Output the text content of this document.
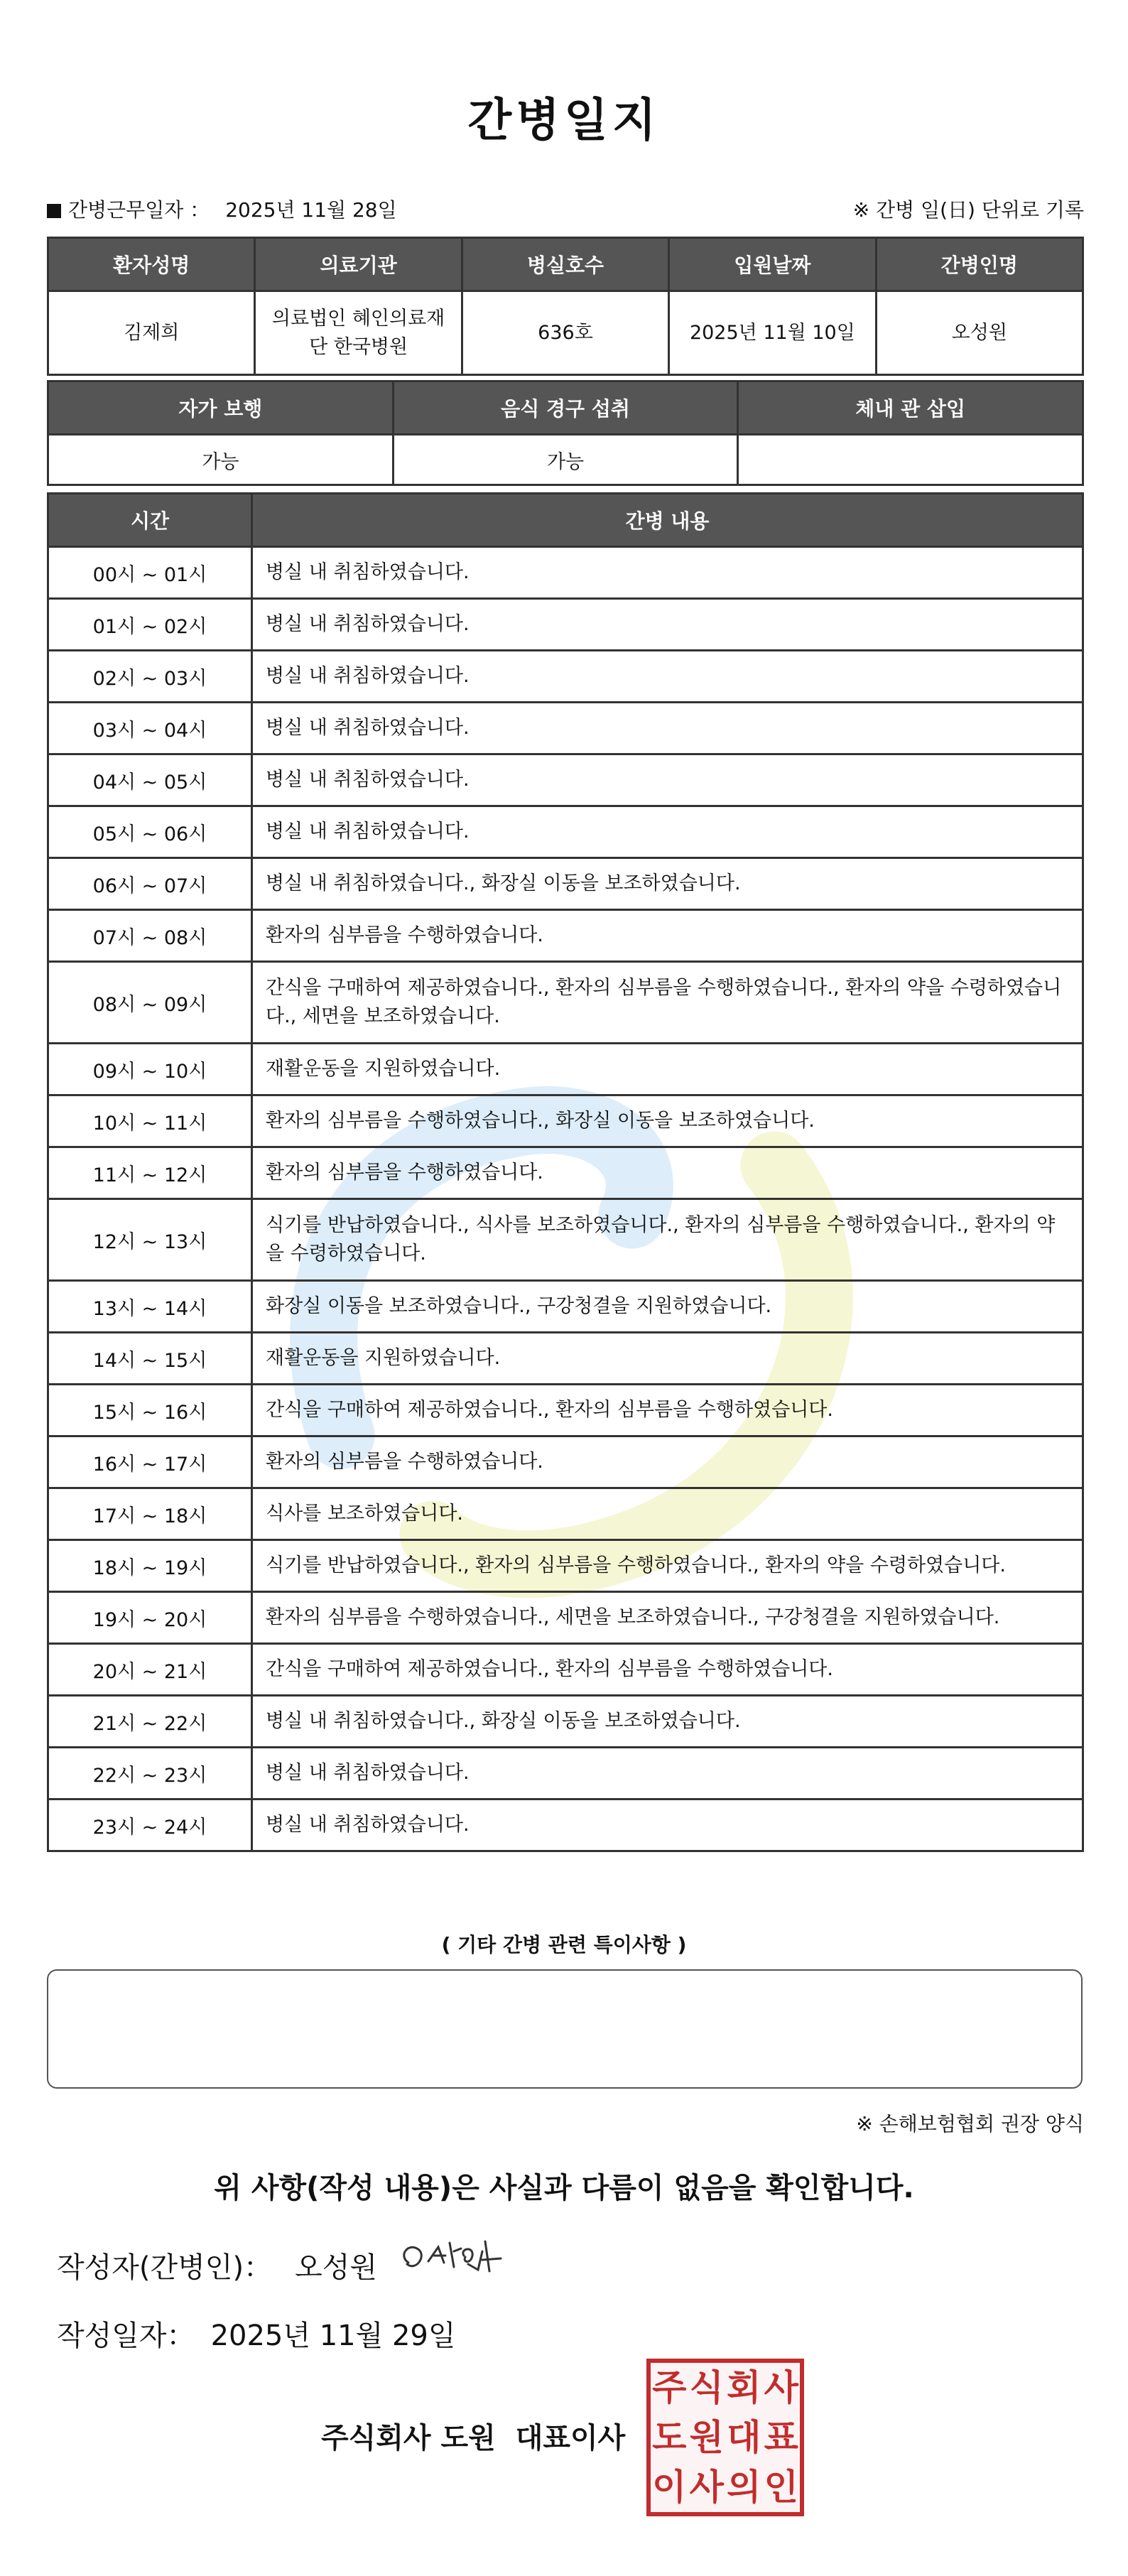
간병일지
간병근무일자 ： 2025년 11월 28일	※ 간병 일(日) 단위로 기록
환자성명	의료기관	병실호수	입원날짜	간병인명
김제희	의료법인 혜인의료재단 한국병원	636호	2025년 11월 10일	오성원
자가 보행	음식 경구 섭취	체내 관 삽입
가능	가능	
시간	간병 내용
00시 ~ 01시	병실 내 취침하였습니다.
01시 ~ 02시	병실 내 취침하였습니다.
02시 ~ 03시	병실 내 취침하였습니다.
03시 ~ 04시	병실 내 취침하였습니다.
04시 ~ 05시	병실 내 취침하였습니다.
05시 ~ 06시	병실 내 취침하였습니다.
06시 ~ 07시	병실 내 취침하였습니다., 화장실 이동을 보조하였습니다.
07시 ~ 08시	환자의 심부름을 수행하였습니다.
08시 ~ 09시	간식을 구매하여 제공하였습니다., 환자의 심부름을 수행하였습니다., 환자의 약을 수령하였습니다., 세면을 보조하였습니다.
09시 ~ 10시	재활운동을 지원하였습니다.
10시 ~ 11시	환자의 심부름을 수행하였습니다., 화장실 이동을 보조하였습니다.
11시 ~ 12시	환자의 심부름을 수행하였습니다.
12시 ~ 13시	식기를 반납하였습니다., 식사를 보조하였습니다., 환자의 심부름을 수행하였습니다., 환자의 약을 수령하였습니다.
13시 ~ 14시	화장실 이동을 보조하였습니다., 구강청결을 지원하였습니다.
14시 ~ 15시	재활운동을 지원하였습니다.
15시 ~ 16시	간식을 구매하여 제공하였습니다., 환자의 심부름을 수행하였습니다.
16시 ~ 17시	환자의 심부름을 수행하였습니다.
17시 ~ 18시	식사를 보조하였습니다.
18시 ~ 19시	식기를 반납하였습니다., 환자의 심부름을 수행하였습니다., 환자의 약을 수령하였습니다.
19시 ~ 20시	환자의 심부름을 수행하였습니다., 세면을 보조하였습니다., 구강청결을 지원하였습니다.
20시 ~ 21시	간식을 구매하여 제공하였습니다., 환자의 심부름을 수행하였습니다.
21시 ~ 22시	병실 내 취침하였습니다., 화장실 이동을 보조하였습니다.
22시 ~ 23시	병실 내 취침하였습니다.
23시 ~ 24시	병실 내 취침하였습니다.
( 기타 간병 관련 특이사항 )
※ 손해보험협회 권장 양식
위 사항(작성 내용)은 사실과 다름이 없음을 확인합니다.
작성자(간병인)： 오성원
작성일자： 2025년 11월 29일
주식회사 도원 대표이사
주 식 회 사
도 원 대 표
이 사 의 인
